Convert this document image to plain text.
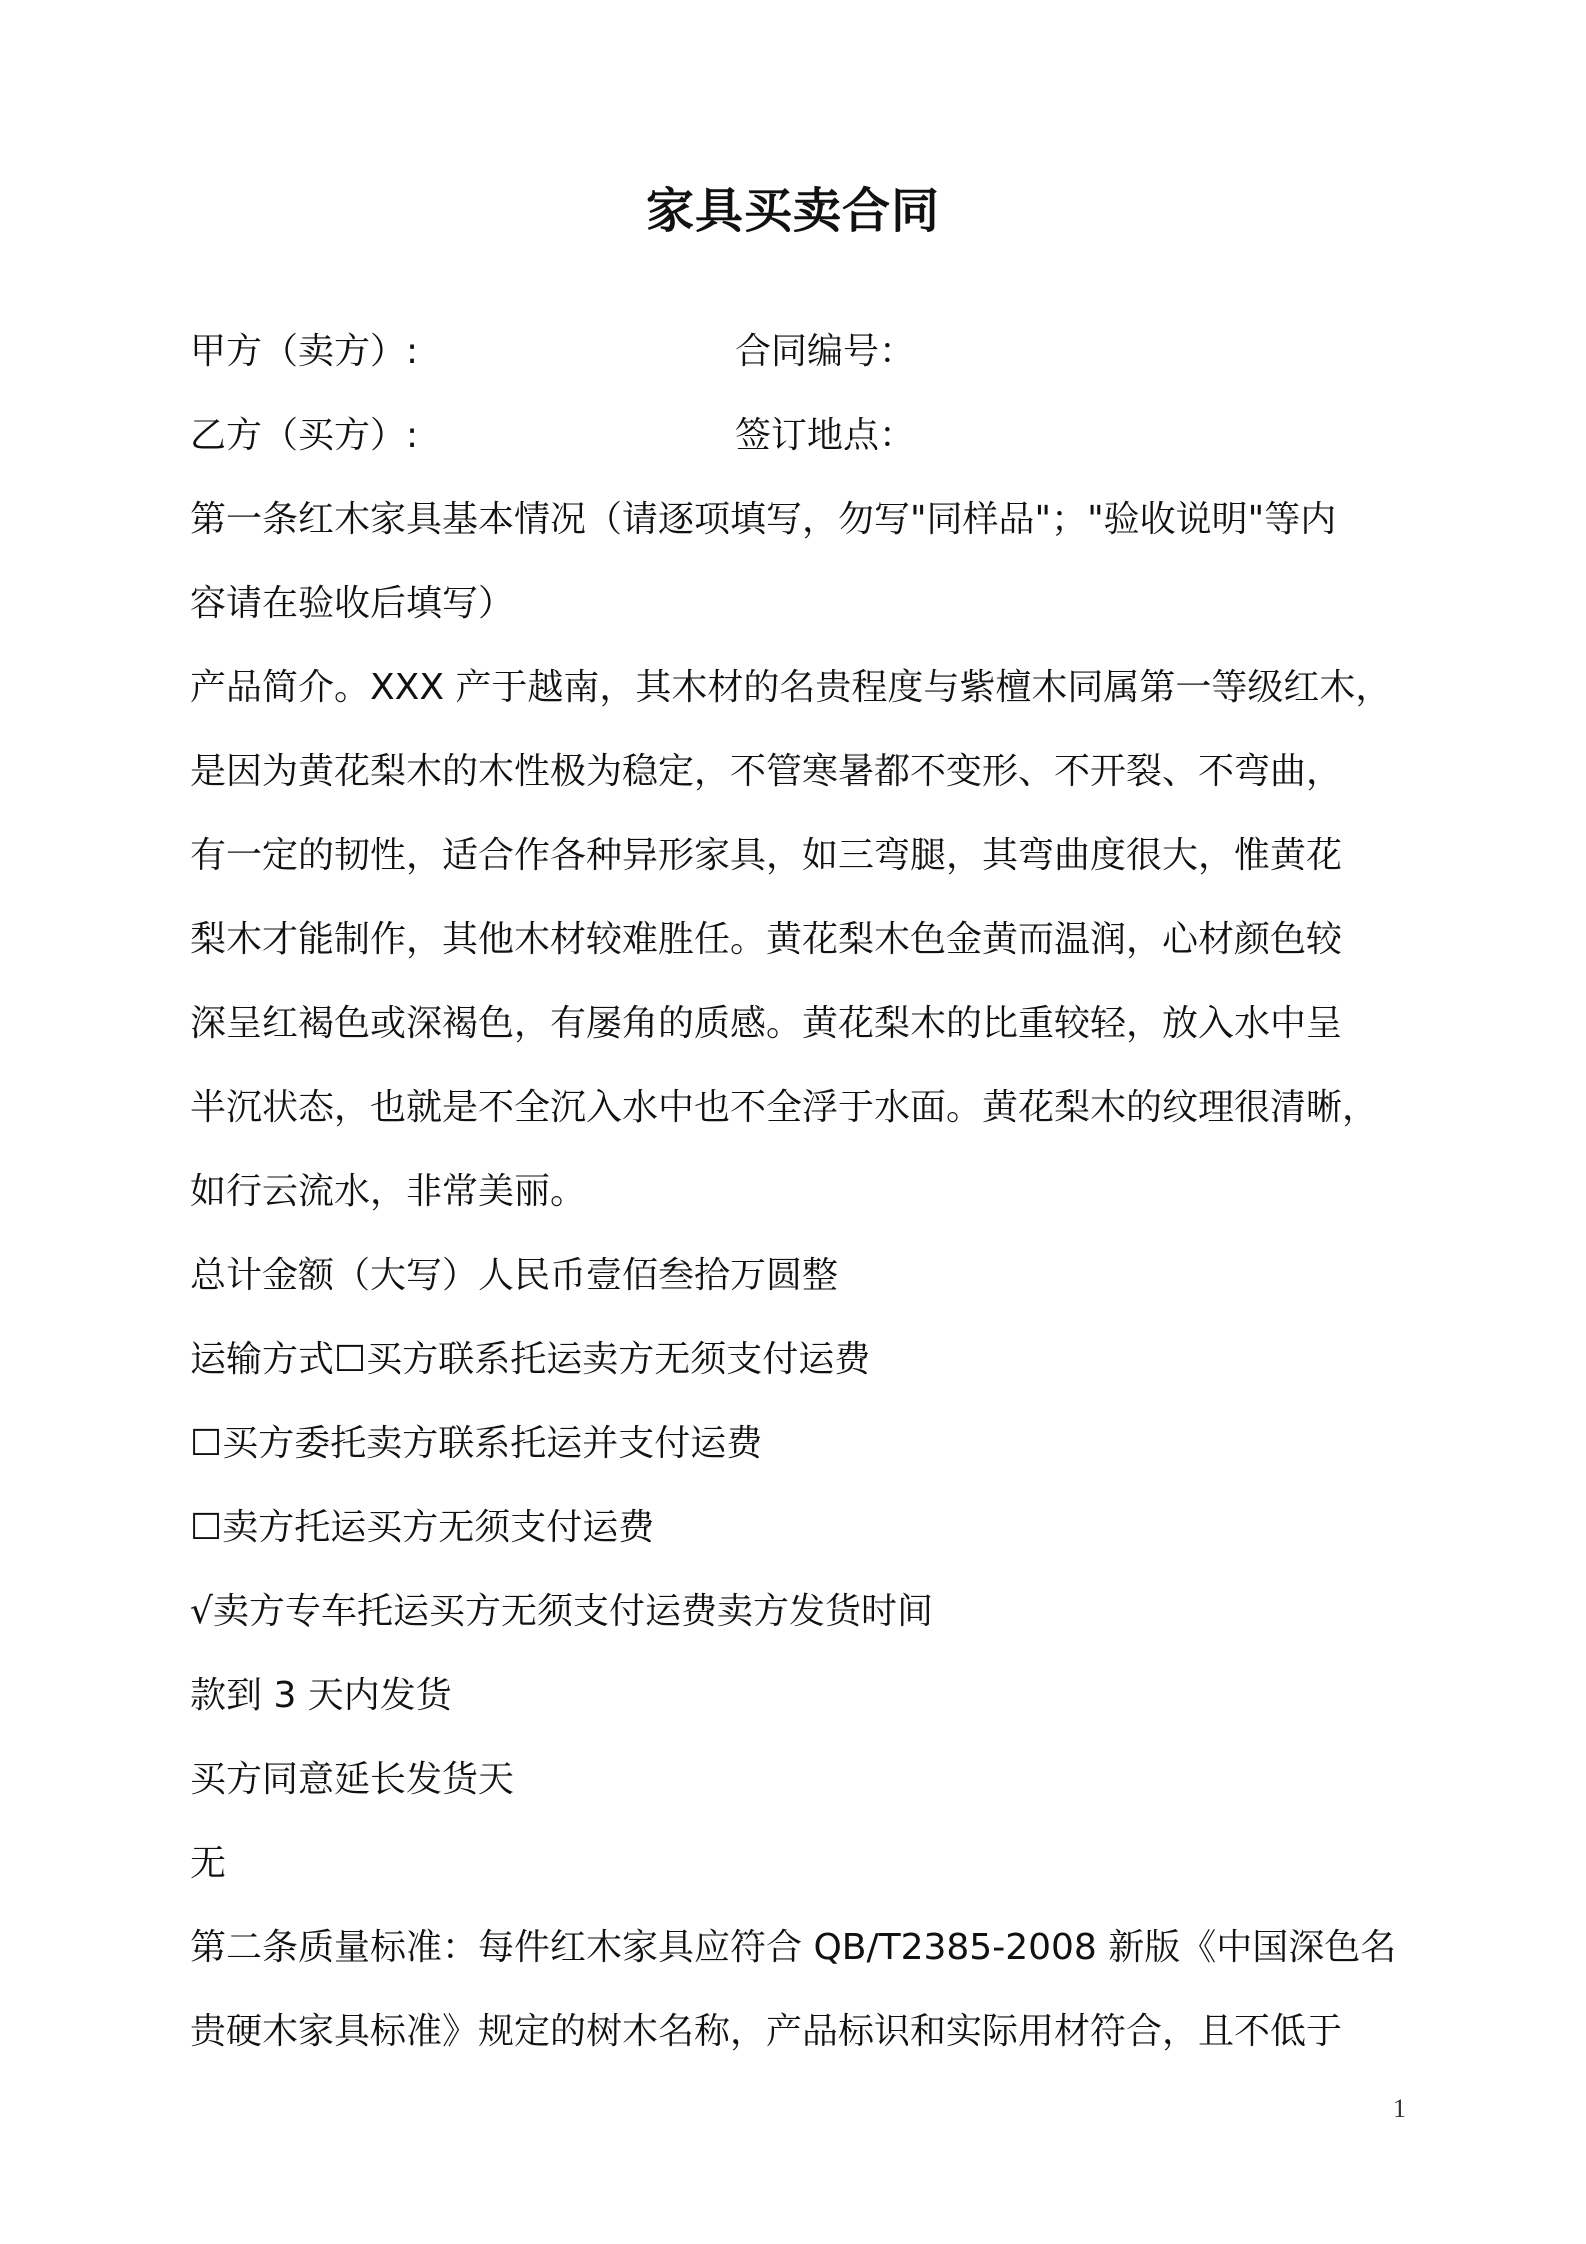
家具买卖合同
甲方（卖方）:	合同编号：
乙方（买方）:	签订地点：
第一条红木家具基本情况（请逐项填写，勿写"同样品"；"验收说明"等内
容请在验收后填写）
产品简介。XXX 产于越南，其木材的名贵程度与紫檀木同属第一等级红木，
是因为黄花梨木的木性极为稳定，不管寒暑都不变形、不开裂、不弯曲，
有一定的韧性，适合作各种异形家具，如三弯腿，其弯曲度很大，惟黄花
梨木才能制作，其他木材较难胜任。黄花梨木色金黄而温润，心材颜色较
深呈红褐色或深褐色，有屡角的质感。黄花梨木的比重较轻，放入水中呈
半沉状态，也就是不全沉入水中也不全浮于水面。黄花梨木的纹理很清晰，
如行云流水，非常美丽。
总计金额（大写）人民币壹佰叁拾万圆整
运输方式☐买方联系托运卖方无须支付运费
☐买方委托卖方联系托运并支付运费
☐卖方托运买方无须支付运费
√卖方专车托运买方无须支付运费卖方发货时间
款到 3 天内发货
买方同意延长发货天
无
第二条质量标准：每件红木家具应符合 QB/T2385-2008 新版《中国深色名
贵硬木家具标准》规定的树木名称，产品标识和实际用材符合，且不低于
1
